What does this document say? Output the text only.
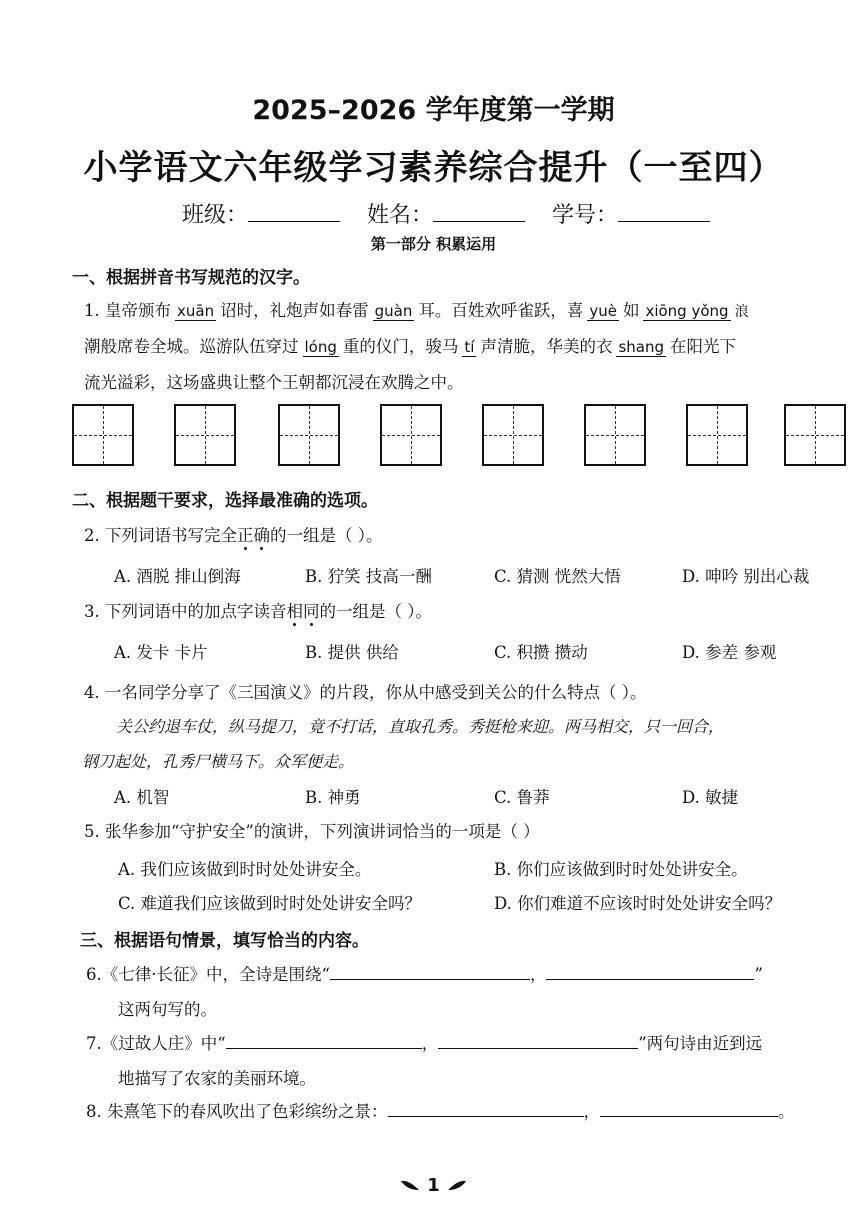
2025–2026 学年度第一学期
小学语文六年级学习素养综合提升（一至四）
班级：	姓名：	学号：
第一部分 积累运用
一、根据拼音书写规范的汉字。
1. 皇帝颁布 xuān 诏时，礼炮声如春雷 guàn 耳。百姓欢呼雀跃，喜 yuè 如 xiōng yǒng 浪
潮般席卷全城。巡游队伍穿过 lóng 重的仪门，骏马 tí 声清脆，华美的衣 shang 在阳光下
流光溢彩，这场盛典让整个王朝都沉浸在欢腾之中。
二、根据题干要求，选择最准确的选项。
2. 下列词语书写完全正确的一组是（ ）。
A. 酒脱 排山倒海	B. 狞笑 技高一酬	C. 猜测 恍然大悟	D. 呻吟 别出心裁
3. 下列词语中的加点字读音相同的一组是（ ）。
A. 发卡 卡片	B. 提供 供给	C. 积攒 攒动	D. 参差 参观
4. 一名同学分享了《三国演义》的片段，你从中感受到关公的什么特点（ ）。
关公约退车仗，纵马提刀，竟不打话，直取孔秀。秀挺枪来迎。两马相交，只一回合，
钢刀起处，孔秀尸横马下。众军便走。
A. 机智	B. 神勇	C. 鲁莽	D. 敏捷
5. 张华参加“守护安全”的演讲，下列演讲词恰当的一项是（ ）
A. 我们应该做到时时处处讲安全。	B. 你们应该做到时时处处讲安全。
C. 难道我们应该做到时时处处讲安全吗？	D. 你们难道不应该时时处处讲安全吗？
三、根据语句情景，填写恰当的内容。
6.《七律·长征》中，全诗是围绕“	，	”
这两句写的。
7.《过故人庄》中“	，	”两句诗由近到远
地描写了农家的美丽环境。
8. 朱熹笔下的春风吹出了色彩缤纷之景：	，	。
1
